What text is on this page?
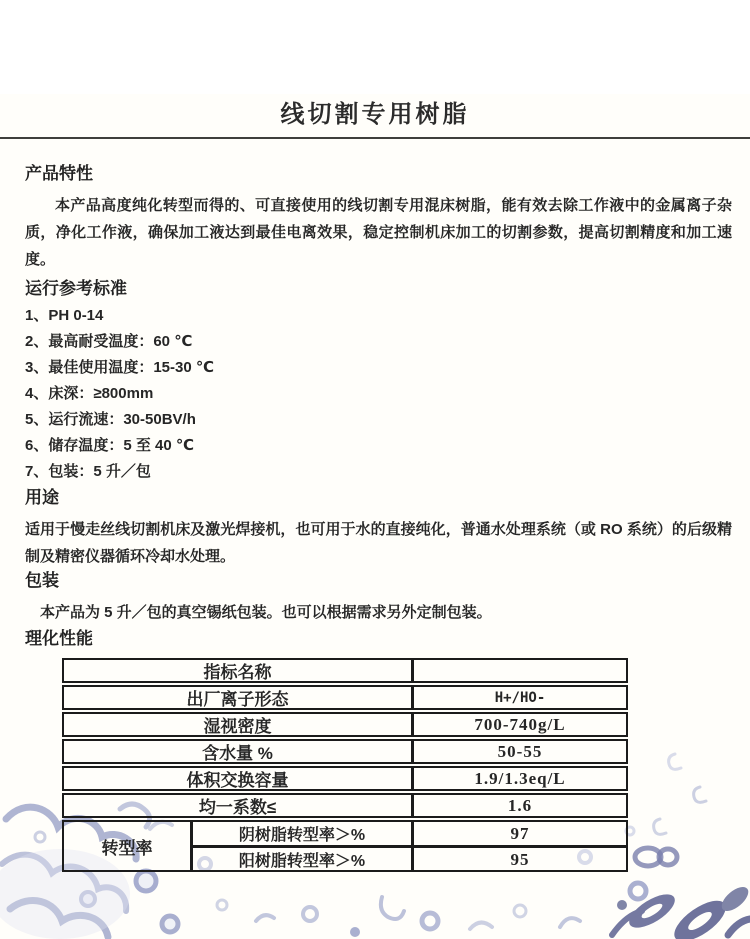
线切割专用树脂
产品特性

本产品高度纯化转型而得的、可直接使用的线切割专用混床树脂，能有效去除工作液中的金属离子杂质，净化工作液，确保加工液达到最佳电离效果，稳定控制机床加工的切割参数，提高切割精度和加工速度。

运行参考标准
1、PH 0-14
2、最高耐受温度：60 ℃
3、最佳使用温度：15-30 ℃
4、床深：≥800mm
5、运行流速：30-50BV/h
6、储存温度：5 至 40 ℃
7、包装：5 升／包
用途

适用于慢走丝线切割机床及激光焊接机，也可用于水的直接纯化，普通水处理系统（或 RO 系统）的后级精制及精密仪器循环冷却水处理。

包装

本产品为 5 升／包的真空锡纸包装。也可以根据需求另外定制包装。

理化性能
指标名称
出厂离子形态	H+/HO-
湿视密度	700-740g/L
含水量 %	50-55
体积交换容量	1.9/1.3eq/L
均一系数≤	1.6
转型率
阴树脂转型率＞%	97
阳树脂转型率＞%	95
